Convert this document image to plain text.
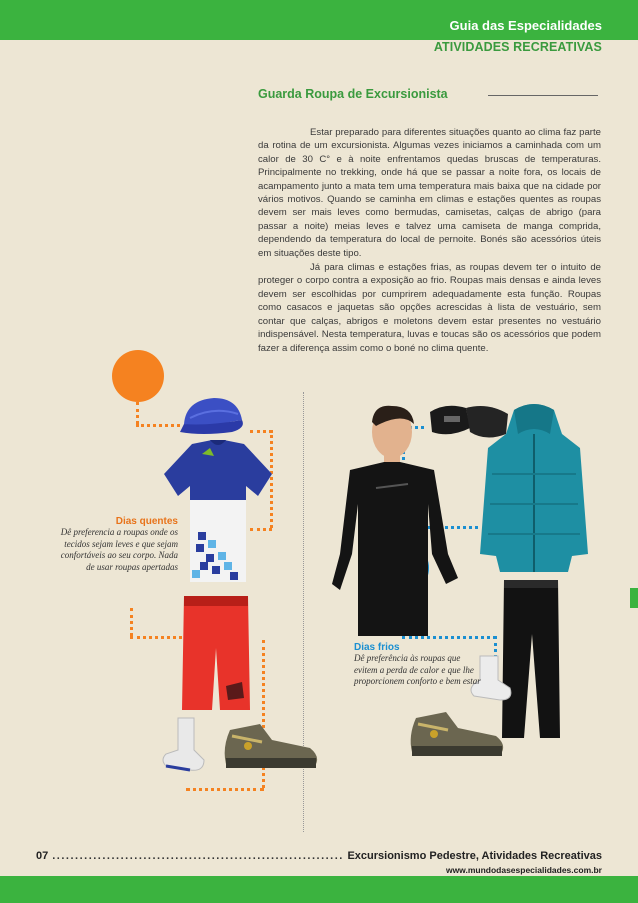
Guia das Especialidades
ATIVIDADES RECREATIVAS
Guarda Roupa de Excursionista

Estar preparado para diferentes situações quanto ao clima faz parte da rotina de um excursionista. Algumas vezes iniciamos a caminhada com um calor de 30 C° e à noite enfrentamos quedas bruscas de temperaturas. Principalmente no trekking, onde há que se passar a noite fora, os locais de acampamento junto a mata tem uma temperatura mais baixa que na cidade por vários motivos. Quando se caminha em climas e estações quentes as roupas devem ser mais leves como bermudas, camisetas, calças de abrigo (para passar a noite) meias leves e talvez uma camiseta de manga comprida, dependendo da temperatura do local de pernoite. Bonés são acessórios úteis em situações deste tipo.

Já para climas e estações frias, as roupas devem ter o intuito de proteger o corpo contra a exposição ao frio. Roupas mais densas e ainda leves devem ser escolhidas por cumprirem adequadamente esta função. Roupas como casacos e jaquetas são opções acrescidas à lista de vestuário, sem contar que calças, abrigos e moletons devem estar presentes no vestuário indispensável. Nesta temperatura, luvas e toucas são os acessórios que podem fazer a diferença assim como o boné no clima quente.

Dias quentes
Dê preferencia a roupas onde os tecidos sejam leves e que sejam confortáveis ao seu corpo. Nada de usar roupas apertadas
Dias frios
Dê preferência às roupas que evitem a perda de calor e que lhe proporcionem conforto e bem estar
07
.....	Excursionismo Pedestre, Atividades Recreativas
www.mundodasespecialidades.com.br
